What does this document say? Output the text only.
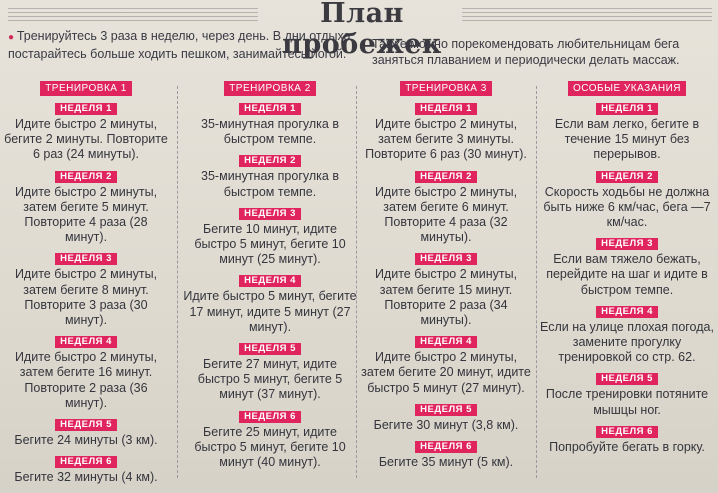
План пробежек
● Тренируйтесь 3 раза в неделю, через день. В дни отдыха постарайтесь больше ходить пешком, занимайтесь йогой.
Также можно порекомендовать любительницам бега заняться плаванием и периодически делать массаж.
ТРЕНИРОВКА 1
НЕДЕЛЯ 1
Идите быстро 2 минуты, бегите 2 минуты. Повторите 6 раз (24 минуты).
НЕДЕЛЯ 2
Идите быстро 2 минуты, затем бегите 5 минут. Повторите 4 раза (28 минут).
НЕДЕЛЯ 3
Идите быстро 2 минуты, затем бегите 8 минут. Повторите 3 раза (30 минут).
НЕДЕЛЯ 4
Идите быстро 2 минуты, затем бегите 16 минут. Повторите 2 раза (36 минут).
НЕДЕЛЯ 5
Бегите 24 минуты (3 км).
НЕДЕЛЯ 6
Бегите 32 минуты (4 км).
ТРЕНИРОВКА 2
НЕДЕЛЯ 1
35-минутная прогулка в быстром темпе.
НЕДЕЛЯ 2
35-минутная прогулка в быстром темпе.
НЕДЕЛЯ 3
Бегите 10 минут, идите быстро 5 минут, бегите 10 минут (25 минут).
НЕДЕЛЯ 4
Идите быстро 5 минут, бегите 17 минут, идите 5 минут (27 минут).
НЕДЕЛЯ 5
Бегите 27 минут, идите быстро 5 минут, бегите 5 минут (37 минут).
НЕДЕЛЯ 6
Бегите 25 минут, идите быстро 5 минут, бегите 10 минут (40 минут).
ТРЕНИРОВКА 3
НЕДЕЛЯ 1
Идите быстро 2 минуты, затем бегите 3 минуты. Повторите 6 раз (30 минут).
НЕДЕЛЯ 2
Идите быстро 2 минуты, затем бегите 6 минут. Повторите 4 раза (32 минуты).
НЕДЕЛЯ 3
Идите быстро 2 минуты, затем бегите 15 минут. Повторите 2 раза (34 минуты).
НЕДЕЛЯ 4
Идите быстро 2 минуты, затем бегите 20 минут, идите быстро 5 минут (27 минут).
НЕДЕЛЯ 5
Бегите 30 минут (3,8 км).
НЕДЕЛЯ 6
Бегите 35 минут (5 км).
ОСОБЫЕ УКАЗАНИЯ
НЕДЕЛЯ 1
Если вам легко, бегите в течение 15 минут без перерывов.
НЕДЕЛЯ 2
Скорость ходьбы не должна быть ниже 6 км/час, бега —7 км/час.
НЕДЕЛЯ 3
Если вам тяжело бежать, перейдите на шаг и идите в быстром темпе.
НЕДЕЛЯ 4
Если на улице плохая погода, замените прогулку тренировкой со стр. 62.
НЕДЕЛЯ 5
После тренировки потяните мышцы ног.
НЕДЕЛЯ 6
Попробуйте бегать в горку.
